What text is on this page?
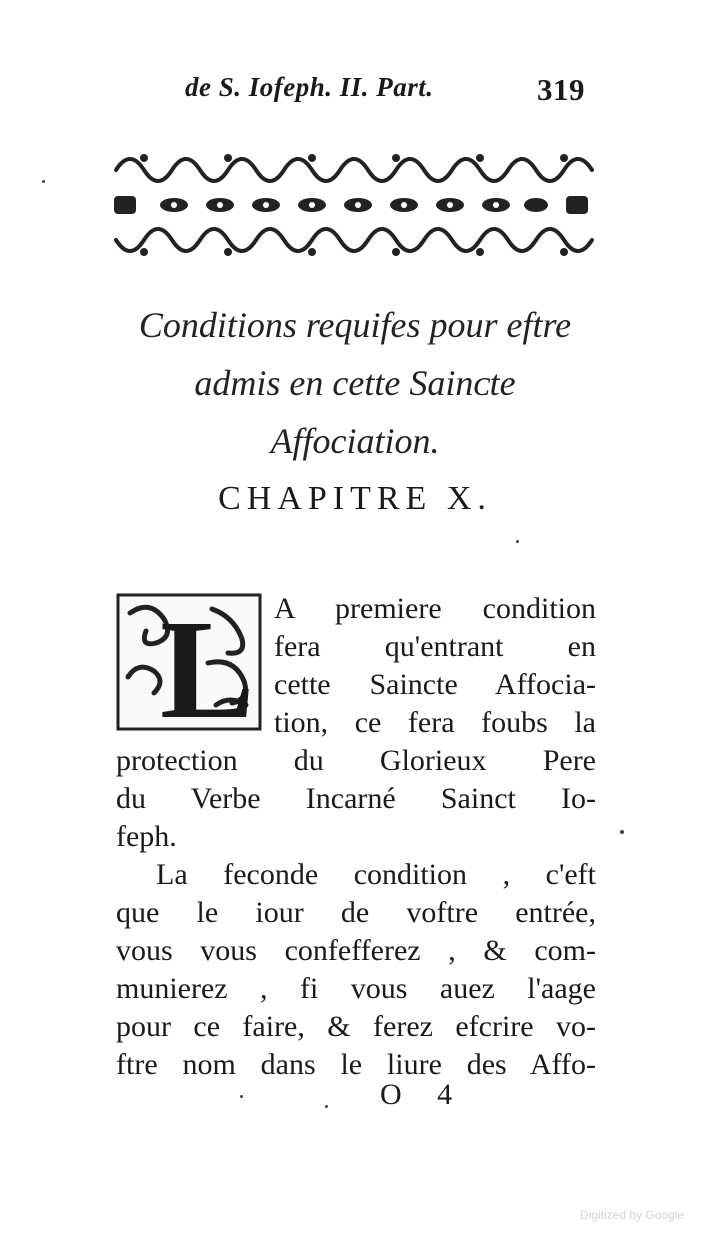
de S. Iofeph. II. Part.	319
Conditions requifes pour eftre
admis en cette Sainᴄte
Affociation.
CHAPITRE X.
L A premiere condition
fera qu'entrant en
cette Saincte Affocia-
tion, ce fera foubs la
protection du Glorieux Pere
du Verbe Incarné Sainct Io-
feph.
La feconde condition , c'eft
que le iour de voftre entrée,
vous vous confefferez , & com-
munierez , fi vous auez l'aage
pour ce faire, & ferez efcrire vo-
ftre nom dans le liure des Affo-
O 4
Digitized by Google
